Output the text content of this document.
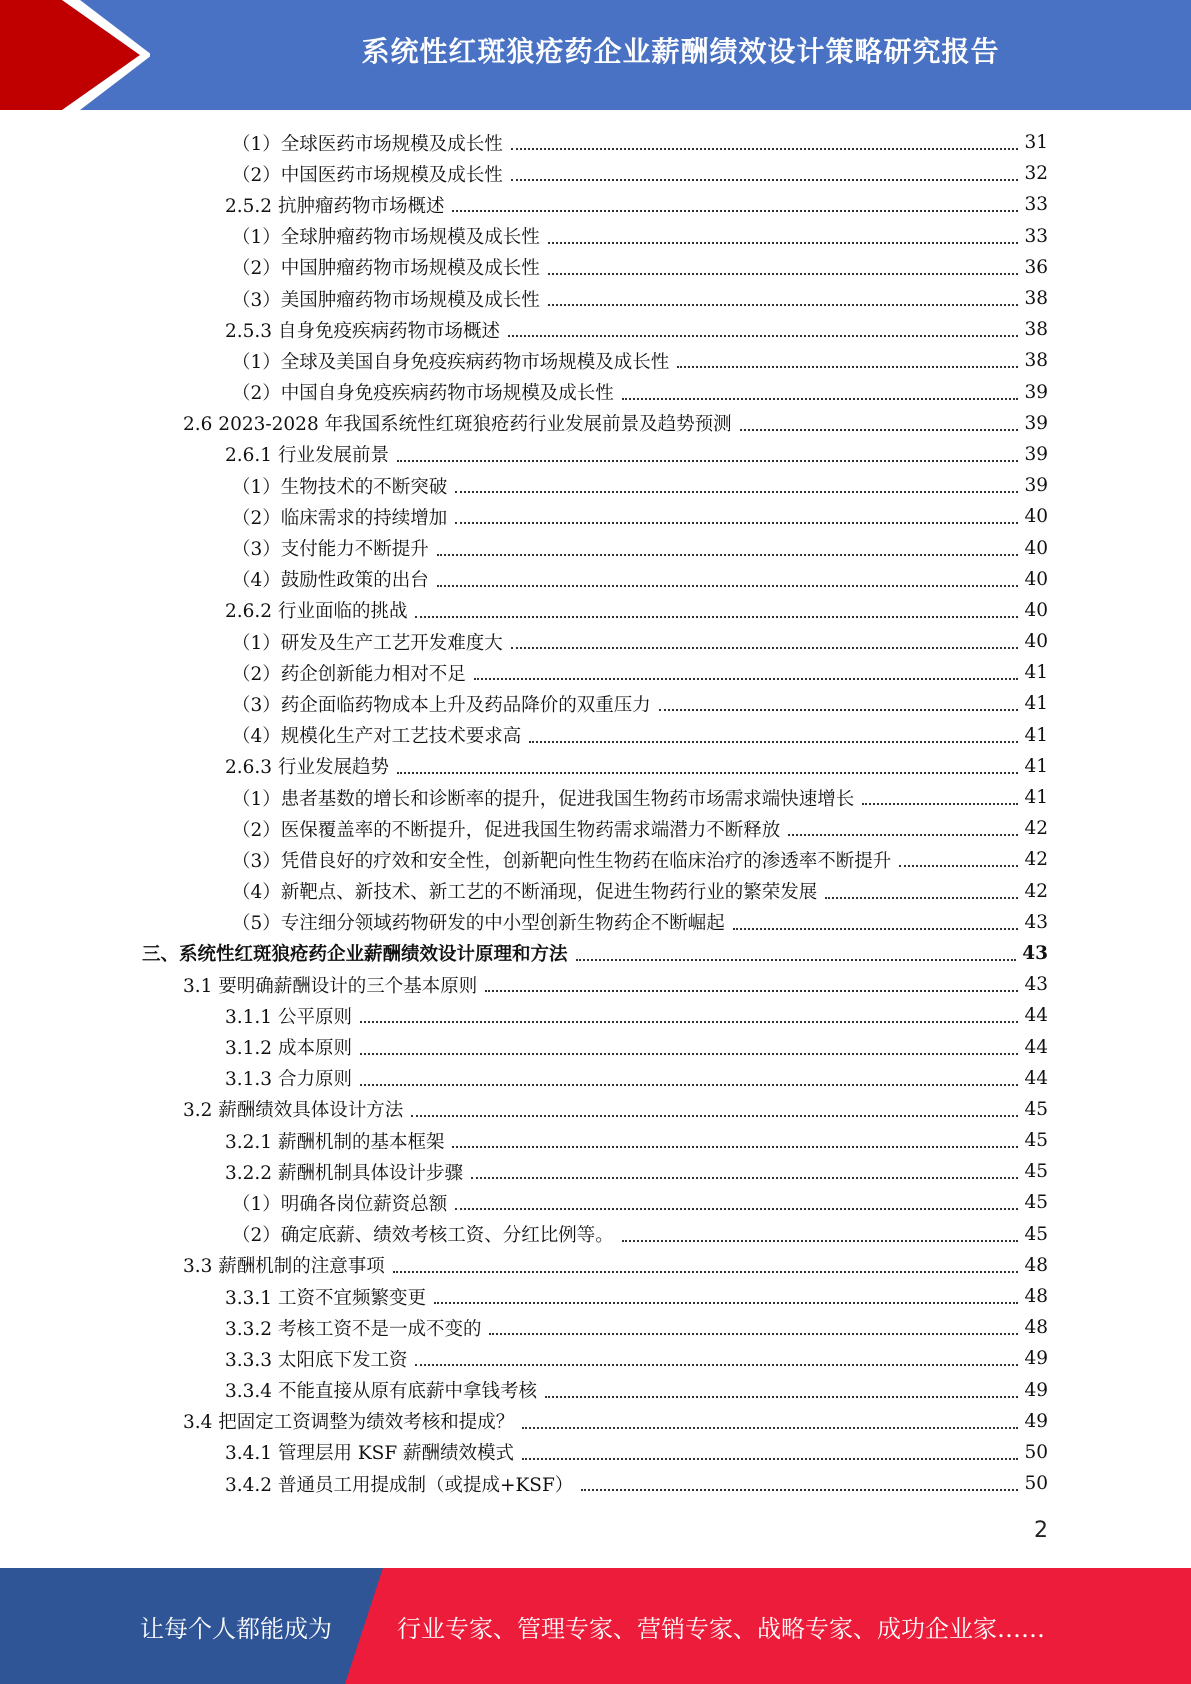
系统性红斑狼疮药企业薪酬绩效设计策略研究报告
（1）全球医药市场规模及成长性	31
（2）中国医药市场规模及成长性	32
2.5.2 抗肿瘤药物市场概述	33
（1）全球肿瘤药物市场规模及成长性	33
（2）中国肿瘤药物市场规模及成长性	36
（3）美国肿瘤药物市场规模及成长性	38
2.5.3 自身免疫疾病药物市场概述	38
（1）全球及美国自身免疫疾病药物市场规模及成长性	38
（2）中国自身免疫疾病药物市场规模及成长性	39
2.6 2023-2028 年我国系统性红斑狼疮药行业发展前景及趋势预测	39
2.6.1 行业发展前景	39
（1）生物技术的不断突破	39
（2）临床需求的持续增加	40
（3）支付能力不断提升	40
（4）鼓励性政策的出台	40
2.6.2 行业面临的挑战	40
（1）研发及生产工艺开发难度大	40
（2）药企创新能力相对不足	41
（3）药企面临药物成本上升及药品降价的双重压力	41
（4）规模化生产对工艺技术要求高	41
2.6.3 行业发展趋势	41
（1）患者基数的增长和诊断率的提升，促进我国生物药市场需求端快速增长	41
（2）医保覆盖率的不断提升，促进我国生物药需求端潜力不断释放	42
（3）凭借良好的疗效和安全性，创新靶向性生物药在临床治疗的渗透率不断提升	42
（4）新靶点、新技术、新工艺的不断涌现，促进生物药行业的繁荣发展	42
（5）专注细分领域药物研发的中小型创新生物药企不断崛起	43
三、系统性红斑狼疮药企业薪酬绩效设计原理和方法	43
3.1 要明确薪酬设计的三个基本原则	43
3.1.1 公平原则	44
3.1.2 成本原则	44
3.1.3 合力原则	44
3.2 薪酬绩效具体设计方法	45
3.2.1 薪酬机制的基本框架	45
3.2.2 薪酬机制具体设计步骤	45
（1）明确各岗位薪资总额	45
（2）确定底薪、绩效考核工资、分红比例等。	45
3.3 薪酬机制的注意事项	48
3.3.1 工资不宜频繁变更	48
3.3.2 考核工资不是一成不变的	48
3.3.3 太阳底下发工资	49
3.3.4 不能直接从原有底薪中拿钱考核	49
3.4 把固定工资调整为绩效考核和提成？	49
3.4.1 管理层用 KSF 薪酬绩效模式	50
3.4.2 普通员工用提成制（或提成+KSF）	50
2
让每个人都能成为	行业专家、管理专家、营销专家、战略专家、成功企业家……
